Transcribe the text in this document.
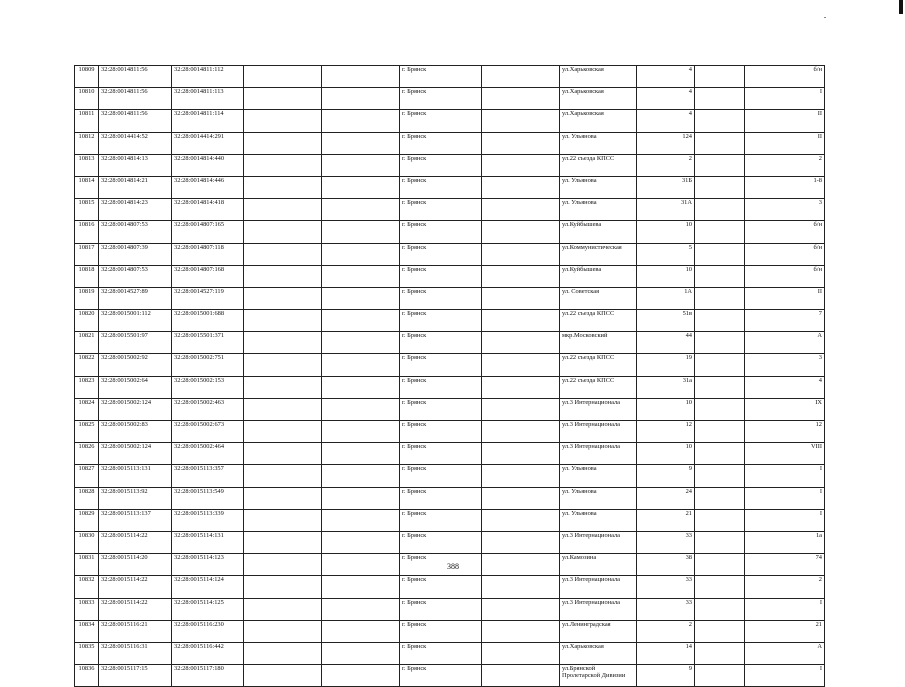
10809	32:28:0014811:56	32:28:0014811:112			г. Брянск		ул.Харьковская	4		б/н
10810	32:28:0014811:56	32:28:0014811:113			г. Брянск		ул.Харьковская	4		I
10811	32:28:0014811:56	32:28:0014811:114			г. Брянск		ул.Харьковская	4		II
10812	32:28:0014414:52	32:28:0014414:291			г. Брянск		ул. Ульянова	124		II
10813	32:28:0014814:13	32:28:0014814:440			г. Брянск		ул.22 съезда КПСС	2		2
10814	32:28:0014814:21	32:28:0014814:446			г. Брянск		ул. Ульянова	31Б		1-8
10815	32:28:0014814:23	32:28:0014814:418			г. Брянск		ул. Ульянова	31А		3
10816	32:28:0014807:53	32:28:0014807:165			г. Брянск		ул.Куйбышева	10		б/н
10817	32:28:0014807:39	32:28:0014807:118			г. Брянск		ул.Коммунистическая	5		б/н
10818	32:28:0014807:53	32:28:0014807:168			г. Брянск		ул.Куйбышева	10		б/н
10819	32:28:0014527:89	32:28:0014527:119			г. Брянск		ул. Советская	1А		II
10820	32:28:0015001:112	32:28:0015001:688			г. Брянск		ул.22 съезда КПСС	51в		7
10821	32:28:0015501:97	32:28:0015501:371			г. Брянск		мкр.Московский	44		А
10822	32:28:0015002:92	32:28:0015002:751			г. Брянск		ул.22 съезда КПСС	19		3
10823	32:28:0015002:64	32:28:0015002:153			г. Брянск		ул.22 съезда КПСС	31а		4
10824	32:28:0015002:124	32:28:0015002:463			г. Брянск		ул.3 Интернационала	10		IX
10825	32:28:0015002:83	32:28:0015002:673			г. Брянск		ул.3 Интернационала	12		12
10826	32:28:0015002:124	32:28:0015002:464			г. Брянск		ул.3 Интернационала	10		VIII
10827	32:28:0015113:131	32:28:0015113:357			г. Брянск		ул. Ульянова	9		I
10828	32:28:0015113:92	32:28:0015113:549			г. Брянск		ул. Ульянова	24		I
10829	32:28:0015113:137	32:28:0015113:339			г. Брянск		ул. Ульянова	21		I
10830	32:28:0015114:22	32:28:0015114:131			г. Брянск		ул.3 Интернационала	33		1а
10831	32:28:0015114:20	32:28:0015114:123			г. Брянск		ул.Камозина	38		74
10832	32:28:0015114:22	32:28:0015114:124			г. Брянск		ул.3 Интернационала	33		2
10833	32:28:0015114:22	32:28:0015114:125			г. Брянск		ул.3 Интернационала	33		I
10834	32:28:0015116:21	32:28:0015116:230			г. Брянск		ул.Ленинградская	2		21
10835	32:28:0015116:31	32:28:0015116:442			г. Брянск		ул.Харьковская	14		А
10836	32:28:0015117:15	32:28:0015117:180			г. Брянск		ул.Брянской Пролетарской Дивизии	9		I
388
